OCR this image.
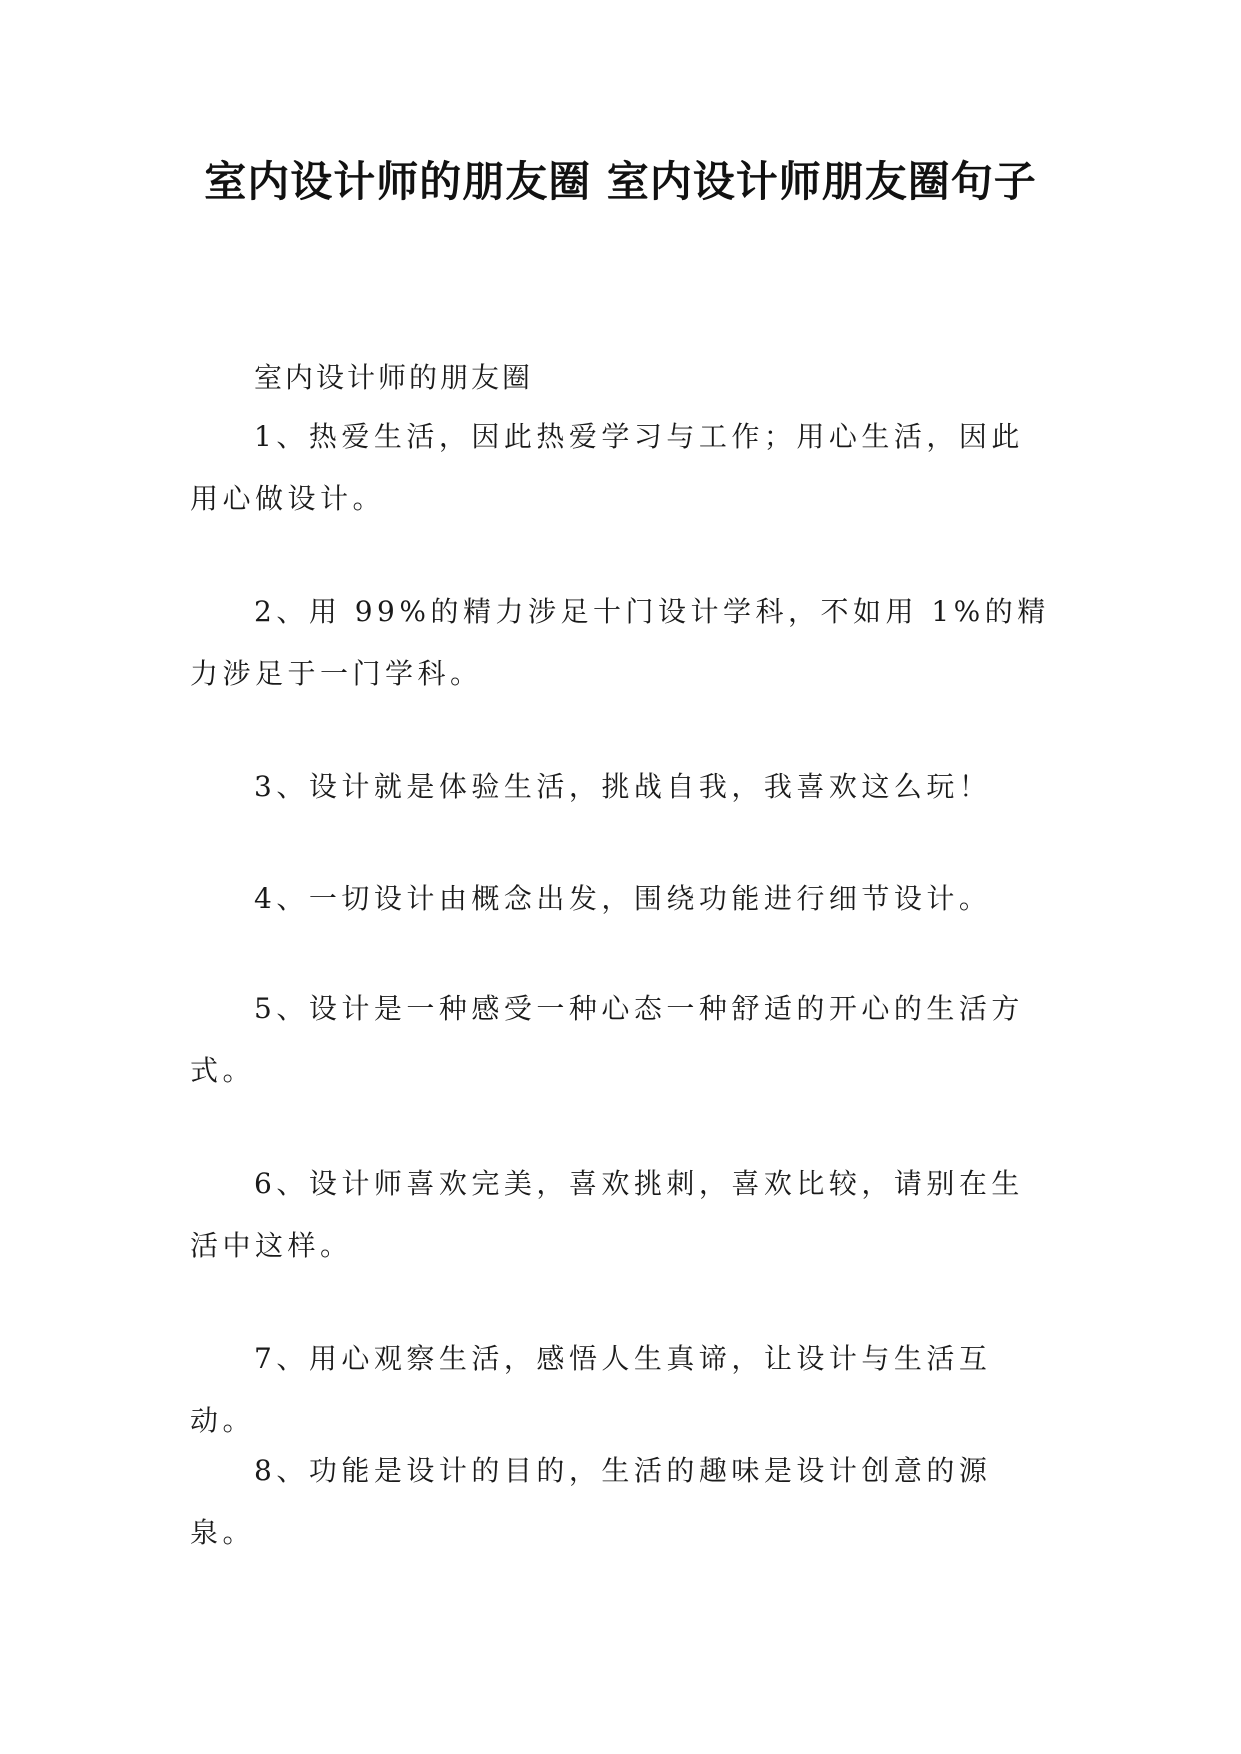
室内设计师的朋友圈 室内设计师朋友圈句子
室内设计师的朋友圈

1、热爱生活，因此热爱学习与工作；用心生活，因此用心做设计。

2、用 99%的精力涉足十门设计学科，不如用 1%的精力涉足于一门学科。

3、设计就是体验生活，挑战自我，我喜欢这么玩！

4、一切设计由概念出发，围绕功能进行细节设计。

5、设计是一种感受一种心态一种舒适的开心的生活方式。

6、设计师喜欢完美，喜欢挑刺，喜欢比较，请别在生活中这样。

7、用心观察生活，感悟人生真谛，让设计与生活互动。

8、功能是设计的目的，生活的趣味是设计创意的源泉。
